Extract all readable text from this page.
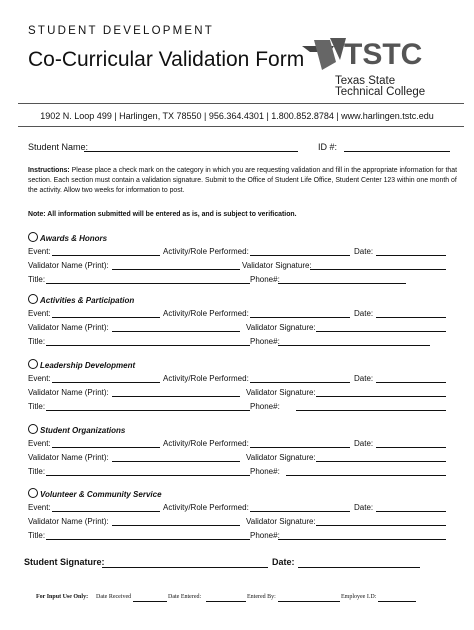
STUDENT DEVELOPMENT
Co-Curricular Validation Form TSTC
Texas State
Technical College
1902 N. Loop 499 | Harlingen, TX 78550 | 956.364.4301 | 1.800.852.8784 | www.harlingen.tstc.edu
Student Name:	ID #:
Instructions: Please place a check mark on the category in which you are requesting validation and fill in the appropriate information for that section. Each section must contain a validation signature. Submit to the Office of Student Life Office, Student Center 123 within one month of the activity. Allow two weeks for information to post.
Note: All information submitted will be entered as is, and is subject to verification.
Awards & Honors
Event:	Activity/Role Performed:	Date:
Validator Name (Print):	Validator Signature:
Title:	Phone#:
Activities & Participation
Event:	Activity/Role Performed:	Date:
Validator Name (Print):	Validator Signature:
Title:	Phone#:
Leadership Development
Event:	Activity/Role Performed:	Date:
Validator Name (Print):	Validator Signature:
Title:	Phone#:
Student Organizations
Event:	Activity/Role Performed:	Date:
Validator Name (Print):	Validator Signature:
Title:	Phone#:
Volunteer & Community Service
Event:	Activity/Role Performed:	Date:
Validator Name (Print):	Validator Signature:
Title:	Phone#:
Student Signature:	Date:
For Input Use Only: Date Received	Date Entered:	Entered By:	Employee I.D:
